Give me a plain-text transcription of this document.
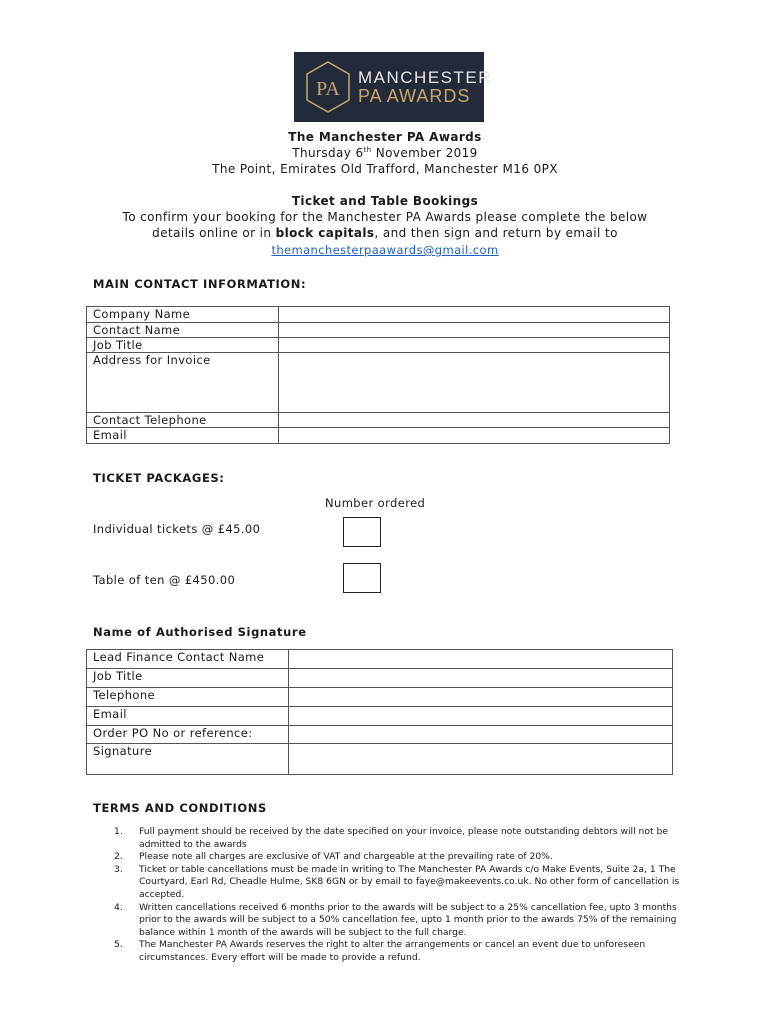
PA
MANCHESTER
PA AWARDS
The Manchester PA Awards
Thursday 6th November 2019
The Point, Emirates Old Trafford, Manchester M16 0PX
Ticket and Table Bookings
To confirm your booking for the Manchester PA Awards please complete the below
details online or in block capitals, and then sign and return by email to
themanchesterpaawards@gmail.com
MAIN CONTACT INFORMATION:
Company Name	
Contact Name	
Job Title	
Address for Invoice	
Contact Telephone	
Email	
TICKET PACKAGES:
Number ordered
Individual tickets @ £45.00
Table of ten @ £450.00
Name of Authorised Signature
Lead Finance Contact Name	
Job Title	
Telephone	
Email	
Order PO No or reference:	
Signature	
TERMS AND CONDITIONS
1. Full payment should be received by the date specified on your invoice, please note outstanding debtors will not be admitted to the awards
2. Please note all charges are exclusive of VAT and chargeable at the prevailing rate of 20%.
3. Ticket or table cancellations must be made in writing to The Manchester PA Awards c/o Make Events, Suite 2a, 1 The Courtyard, Earl Rd, Cheadle Hulme, SK8 6GN or by email to faye@makeevents.co.uk. No other form of cancellation is accepted.
4. Written cancellations received 6 months prior to the awards will be subject to a 25% cancellation fee, upto 3 months prior to the awards will be subject to a 50% cancellation fee, upto 1 month prior to the awards 75% of the remaining balance within 1 month of the awards will be subject to the full charge.
5. The Manchester PA Awards reserves the right to alter the arrangements or cancel an event due to unforeseen circumstances. Every effort will be made to provide a refund.
